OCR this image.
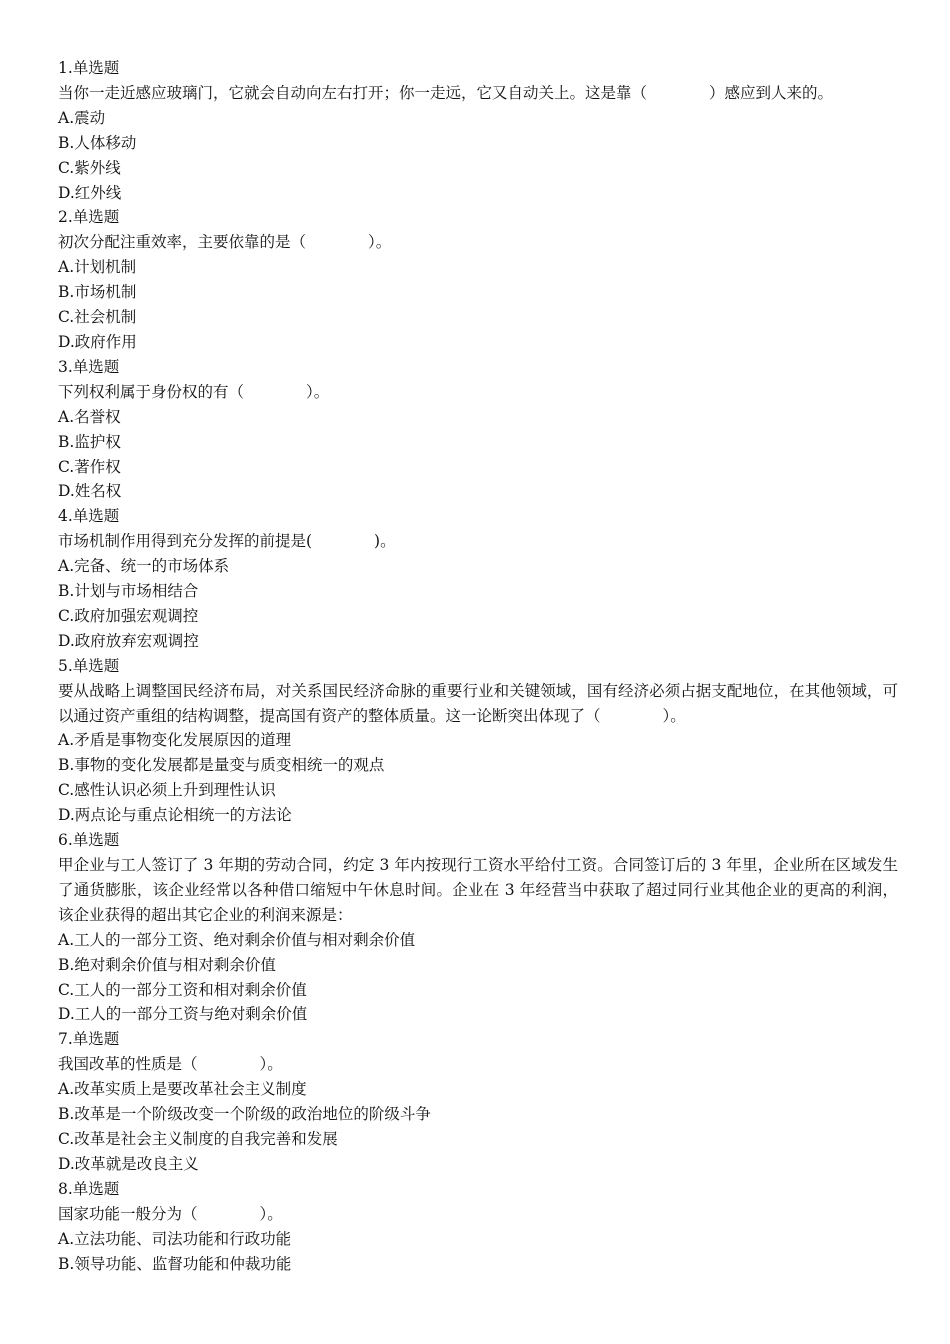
1.单选题
当你一走近感应玻璃门，它就会自动向左右打开；你一走远，它又自动关上。这是靠（　　　　）感应到人来的。
A.震动
B.人体移动
C.紫外线
D.红外线
2.单选题
初次分配注重效率，主要依靠的是（　　　　）。
A.计划机制
B.市场机制
C.社会机制
D.政府作用
3.单选题
下列权利属于身份权的有（　　　　）。
A.名誉权
B.监护权
C.著作权
D.姓名权
4.单选题
市场机制作用得到充分发挥的前提是(　　　　)。
A.完备、统一的市场体系
B.计划与市场相结合
C.政府加强宏观调控
D.政府放弃宏观调控
5.单选题
要从战略上调整国民经济布局，对关系国民经济命脉的重要行业和关键领域，国有经济必须占据支配地位，在其他领域，可以通过资产重组的结构调整，提高国有资产的整体质量。这一论断突出体现了（　　　　）。
A.矛盾是事物变化发展原因的道理
B.事物的变化发展都是量变与质变相统一的观点
C.感性认识必须上升到理性认识
D.两点论与重点论相统一的方法论
6.单选题
甲企业与工人签订了 3 年期的劳动合同，约定 3 年内按现行工资水平给付工资。合同签订后的 3 年里，企业所在区域发生了通货膨胀，该企业经常以各种借口缩短中午休息时间。企业在 3 年经营当中获取了超过同行业其他企业的更高的利润，该企业获得的超出其它企业的利润来源是：
A.工人的一部分工资、绝对剩余价值与相对剩余价值
B.绝对剩余价值与相对剩余价值
C.工人的一部分工资和相对剩余价值
D.工人的一部分工资与绝对剩余价值
7.单选题
我国改革的性质是（　　　　）。
A.改革实质上是要改革社会主义制度
B.改革是一个阶级改变一个阶级的政治地位的阶级斗争
C.改革是社会主义制度的自我完善和发展
D.改革就是改良主义
8.单选题
国家功能一般分为（　　　　）。
A.立法功能、司法功能和行政功能
B.领导功能、监督功能和仲裁功能
